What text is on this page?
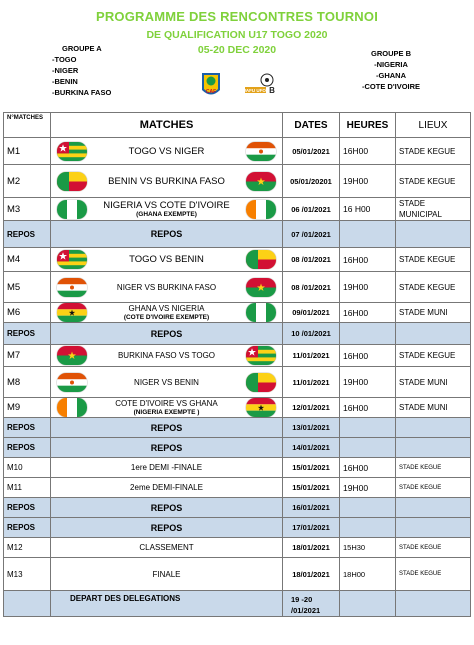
PROGRAMME DES RENCONTRES TOURNOI
DE QUALIFICATION U17 TOGO 2020
05-20 DEC 2020
GROUPE A
-TOGO
-NIGER
-BENIN
-BURKINA FASO
GROUPE B
-NIGERIA
-GHANA
-COTE D'IVOIRE
CAF	WAFU UFOA B
N°MATCHES	MATCHES	DATES	HEURES	LIEUX
M1	TOGO VS NIGER	05/01/2021	16H00	STADE KEGUE
M2	BENIN VS BURKINA FASO	05/01/20201	19H00	STADE KEGUE
M3	NIGERIA VS COTE D'IVOIRE
(GHANA EXEMPTE)	06 /01/2021	16 H00	STADE MUNICIPAL
REPOS	REPOS	07 /01/2021		
M4	TOGO VS BENIN	08 /01/2021	16H00	STADE KEGUE
M5	NIGER VS BURKINA FASO	08 /01/2021	19H00	STADE KEGUE
M6	GHANA VS NIGERIA
(COTE D'IVOIRE EXEMPTE)	09/01/2021	16H00	STADE MUNI
REPOS	REPOS	10 /01/2021		
M7	BURKINA FASO VS TOGO	11/01/2021	16H00	STADE KEGUE
M8	NIGER VS BENIN	11/01/2021	19H00	STADE MUNI
M9	COTE D'IVOIRE VS GHANA
(NIGERIA EXEMPTE )	12/01/2021	16H00	STADE MUNI
REPOS	REPOS	13/01/2021		
REPOS	REPOS	14/01/2021		
M10	1ere DEMI -FINALE	15/01/2021	16H00	STADE KEGUE
M11	2eme DEMI-FINALE	15/01/2021	19H00	STADE KEGUE
REPOS	REPOS	16/01/2021		
REPOS	REPOS	17/01/2021		
M12	CLASSEMENT	18/01/2021	15H30	STADE KEGUE
M13	FINALE	18/01/2021	18H00	STADE KEGUE
	DEPART DES DELEGATIONS	19 -20 /01/2021		
